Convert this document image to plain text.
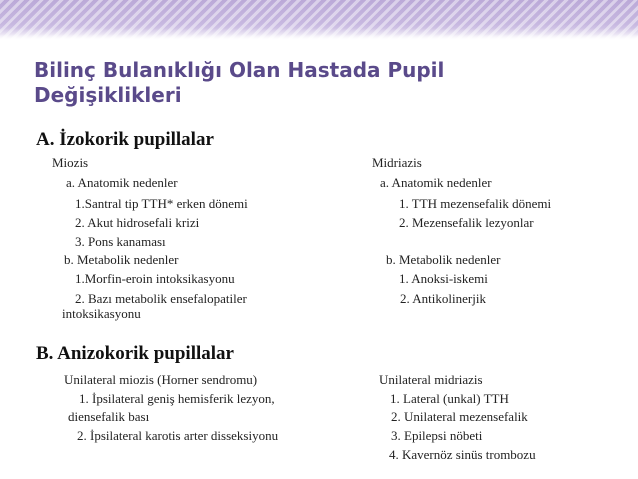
Bilinç Bulanıklığı Olan Hastada Pupil
Değişiklikleri
A. İzokorik pupillalar
Miozis
a. Anatomik nedenler
1.Santral tip TTH* erken dönemi
2. Akut hidrosefali krizi
3. Pons kanaması
b. Metabolik nedenler
1.Morfin-eroin intoksikasyonu
2. Bazı metabolik ensefalopatiler
intoksikasyonu
Midriazis
a. Anatomik nedenler
1. TTH mezensefalik dönemi
2. Mezensefalik lezyonlar
b. Metabolik nedenler
1. Anoksi-iskemi
2. Antikolinerjik
B. Anizokorik pupillalar
Unilateral miozis (Horner sendromu)
1. İpsilateral geniş hemisferik lezyon,
diensefalik bası
2. İpsilateral karotis arter disseksiyonu
Unilateral midriazis
1. Lateral (unkal) TTH
2. Unilateral mezensefalik
3. Epilepsi nöbeti
4. Kavernöz sinüs trombozu
